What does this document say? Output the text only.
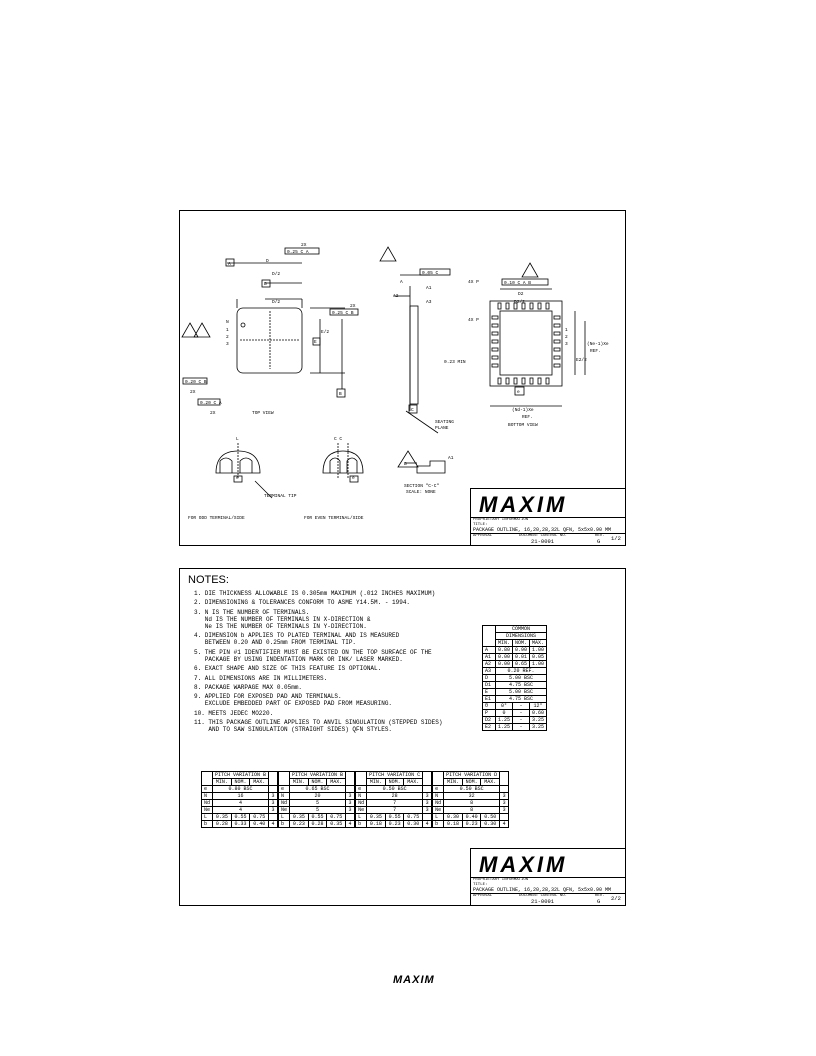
2X
0.25 C A
A
D
D/2
B
D/2
2X
0.25 C B
E/2
E
B
N
1
2
3
0.20 C B
2X
0.20 C A
2X	TOP VIEW
0.05 C
A
A1
A2
A3
C
SEATING
PLANE
4X P	0.10 C A B
D2
D2/2
4X P
1
2
3
E2/2
(Ne-1)Xe
REF.
0.23 MIN
e
(Nd-1)Xe
REF.
BOTTOM VIEW
TERMINAL TIP
e	e
C C
L
FOR ODD TERMINAL/SIDE	FOR EVEN TERMINAL/SIDE
B
SECTION "C-C"
SCALE: NONE
A1
MAXIM
PROPRIETARY INFORMATION
TITLE:
PACKAGE OUTLINE, 16,20,28,32L QFN, 5x5x0.90 MM
APPROVAL	DOCUMENT CONTROL NO.	REV.
21-0091	G 1/2
NOTES:
1. DIE THICKNESS ALLOWABLE IS 0.305mm MAXIMUM (.012 INCHES MAXIMUM)
2. DIMENSIONING & TOLERANCES CONFORM TO ASME Y14.5M. - 1994.
3. N IS THE NUMBER OF TERMINALS.
Nd IS THE NUMBER OF TERMINALS IN X-DIRECTION &
Ne IS THE NUMBER OF TERMINALS IN Y-DIRECTION.
4. DIMENSION b APPLIES TO PLATED TERMINAL AND IS MEASURED
BETWEEN 0.20 AND 0.25mm FROM TERMINAL TIP.
5. THE PIN #1 IDENTIFIER MUST BE EXISTED ON THE TOP SURFACE OF THE
PACKAGE BY USING INDENTATION MARK OR INK/ LASER MARKED.
6. EXACT SHAPE AND SIZE OF THIS FEATURE IS OPTIONAL.
7. ALL DIMENSIONS ARE IN MILLIMETERS.
8. PACKAGE WARPAGE MAX 0.05mm.
9. APPLIED FOR EXPOSED PAD AND TERMINALS.
EXCLUDE EMBEDDED PART OF EXPOSED PAD FROM MEASURING.
10. MEETS JEDEC MO220.
11. THIS PACKAGE OUTLINE APPLIES TO ANVIL SINGULATION (STEPPED SIDES)
AND TO SAW SINGULATION (STRAIGHT SIDES) QFN STYLES.
	COMMON		
	DIMENSIONS		
	MIN.	NOM.	MAX.
A	0.80	0.90	1.00
A1	0.00	0.01	0.05
A2	0.00	0.65	1.00
A3	0.20 REF.		
D	5.00 BSC		
D1	4.75 BSC		
E	5.00 BSC		
E1	4.75 BSC		
θ	0°	-	12°
P	0	-	0.60
D2	1.25	-	3.25
E2	1.25	-	3.25
	PITCH VARIATION B			
	MIN.	NOM.	MAX.	
e	0.80 BSC			
N	16			3
Nd	4			3
Ne	4			3
L	0.35	0.55	0.75	
b	0.28	0.33	0.40	4
	PITCH VARIATION B			
	MIN.	NOM.	MAX.	
e	0.65 BSC			
N	20			3
Nd	5			3
Ne	5			3
L	0.35	0.55	0.75	
b	0.23	0.28	0.35	4
	PITCH VARIATION C			
	MIN.	NOM.	MAX.	
e	0.50 BSC			
N	28			3
Nd	7			3
Ne	7			3
L	0.35	0.55	0.75	
b	0.18	0.23	0.30	4
	PITCH VARIATION D			
	MIN.	NOM.	MAX.	
e	0.50 BSC			
N	32			3
Nd	8			3
Ne	8			3
L	0.30	0.40	0.50	
b	0.18	0.23	0.30	4
MAXIM
PROPRIETARY INFORMATION
TITLE:
PACKAGE OUTLINE, 16,20,28,32L QFN, 5x5x0.90 MM
APPROVAL	DOCUMENT CONTROL NO.	REV.
21-0091	G 2/2
MAXIM
